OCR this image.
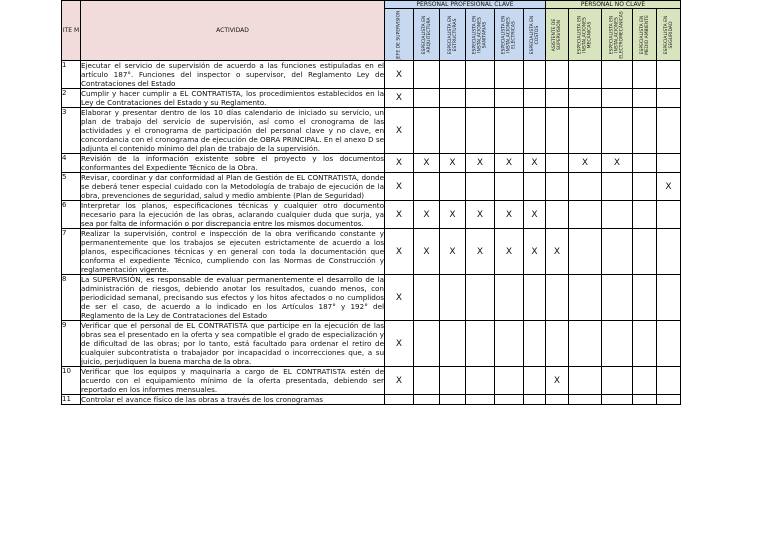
ITE M	ACTIVIDAD	PERSONAL PROFESIONAL CLAVE						PERSONAL NO CLAVE				

		JEFE DE SUPERVISION	ESPECIALISTA EN ARQUITECTURA	ESPECIALISTA EN ESTRUCTURAS	ESPECIALISTA EN INSTALACIONES SANITARIAS	ESPECIALISTA EN INSTALACIONES ELÉCTRICAS	ESPECIALISTA EN COSTOS	ASISTENTE DE SUPERVISION	ESPECIALISTA EN INSTALACIONES MECÁNICAS	ESPECIALISTA EN INSTALACIONES ELECTROMECÁNICAS	ESPECIALISTA EN MEDIO AMBIENTE	ESPECIALISTA EN SEGURIDAD

1	Ejecutar el servicio de supervisión de acuerdo a las funciones estipuladas en el artículo 187°. Funciones del inspector o supervisor, del Reglamento Ley de Contrataciones del Estado	X										
2	Cumplir y hacer cumplir a EL CONTRATISTA, los procedimientos establecidos en la Ley de Contrataciones del Estado y su Reglamento.	X										
3	Elaborar y presentar dentro de los 10 días calendario de iniciado su servicio, un plan de trabajo del servicio de supervisión, así como el cronograma de las actividades y el cronograma de participación del personal clave y no clave, en concordancia con el cronograma de ejecución de OBRA PRINCIPAL. En el anexo D se adjunta el contenido mínimo del plan de trabajo de la supervisión.	X										
4	Revisión de la información existente sobre el proyecto y los documentos conformantes del Expediente Técnico de la Obra.	X	X	X	X	X	X		X	X		
5	Revisar, coordinar y dar conformidad al Plan de Gestión de EL CONTRATISTA, donde se deberá tener especial cuidado con la Metodología de trabajo de ejecución de la obra, prevenciones de seguridad, salud y medio ambiente (Plan de Seguridad)	X										X
6	Interpretar los planos, especificaciones técnicas y cualquier otro documento necesario para la ejecución de las obras, aclarando cualquier duda que surja, ya sea por falta de información o por discrepancia entre los mismos documentos.	X	X	X	X	X	X					
7	Realizar la supervisión, control e inspección de la obra verificando constante y permanentemente que los trabajos se ejecuten estrictamente de acuerdo a los planos, especificaciones técnicas y en general con toda la documentación que conforma el expediente Técnico, cumpliendo con las Normas de Construcción y reglamentación vigente.	X	X	X	X	X	X	X				
8	La SUPERVISIÓN, es responsable de evaluar permanentemente el desarrollo de la administración de riesgos, debiendo anotar los resultados, cuando menos, con periodicidad semanal, precisando sus efectos y los hitos afectados o no cumplidos de ser el caso, de acuerdo a lo indicado en los Artículos 187° y 192° del Reglamento de la Ley de Contrataciones del Estado	X										
9	Verificar que el personal de EL CONTRATISTA que participe en la ejecución de las obras sea el presentado en la oferta y sea compatible el grado de especialización y de dificultad de las obras; por lo tanto, está facultado para ordenar el retiro de cualquier subcontratista o trabajador por incapacidad o incorrecciones que, a su juicio, perjudiquen la buena marcha de la obra.	X										
10	Verificar que los equipos y maquinaria a cargo de EL CONTRATISTA estén de acuerdo con el equipamiento mínimo de la oferta presentada, debiendo ser reportado en los informes mensuales.	X						X				
11	Controlar el avance físico de las obras a través de los cronogramas											
